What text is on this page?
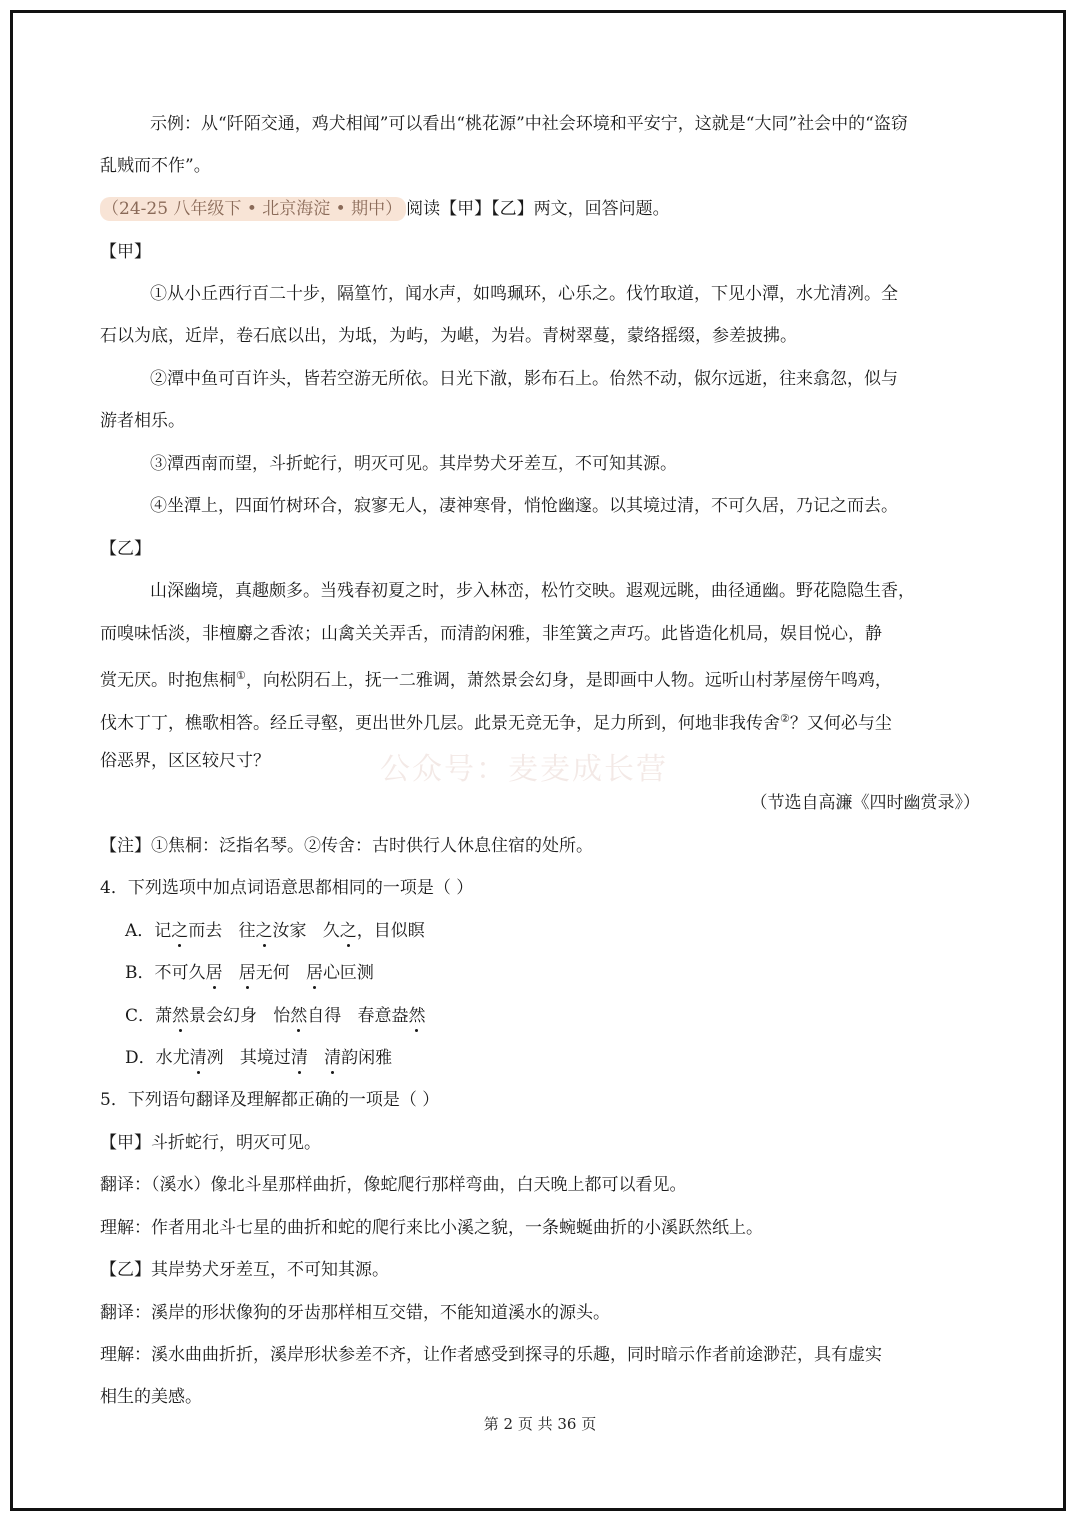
示例：从“阡陌交通，鸡犬相闻”可以看出“桃花源”中社会环境和平安宁，这就是“大同”社会中的“盗窃
乱贼而不作”。
（24-25 八年级下 • 北京海淀 • 期中） 阅读【甲】【乙】两文，回答问题。
【甲】
①从小丘西行百二十步，隔篁竹，闻水声，如鸣珮环，心乐之。伐竹取道，下见小潭，水尤清冽。全
石以为底，近岸，卷石底以出，为坻，为屿，为嵁，为岩。青树翠蔓，蒙络摇缀，参差披拂。
②潭中鱼可百许头，皆若空游无所依。日光下澈，影布石上。佁然不动，俶尔远逝，往来翕忽，似与
游者相乐。
③潭西南而望，斗折蛇行，明灭可见。其岸势犬牙差互，不可知其源。
④坐潭上，四面竹树环合，寂寥无人，凄神寒骨，悄怆幽邃。以其境过清，不可久居，乃记之而去。
【乙】
山深幽境，真趣颇多。当残春初夏之时，步入林峦，松竹交映。遐观远眺，曲径通幽。野花隐隐生香，
而嗅味恬淡，非檀麝之香浓；山禽关关弄舌，而清韵闲雅，非笙簧之声巧。此皆造化机局，娱目悦心，静
赏无厌。时抱焦桐①，向松阴石上，抚一二雅调，萧然景会幻身，是即画中人物。远听山村茅屋傍午鸣鸡，
伐木丁丁，樵歌相答。经丘寻壑，更出世外几层。此景无竞无争，足力所到，何地非我传舍②？又何必与尘
俗恶界，区区较尺寸？
（节选自高濂《四时幽赏录》）
【注】①焦桐：泛指名琴。②传舍：古时供行人休息住宿的处所。
4．下列选项中加点词语意思都相同的一项是（ ）
A．记之而去 往之汝家 久之，目似瞑
B．不可久居 居无何 居心叵测
C．萧然景会幻身 怡然自得 春意盎然
D．水尤清冽 其境过清 清韵闲雅
5．下列语句翻译及理解都正确的一项是（ ）
【甲】斗折蛇行，明灭可见。
翻译：（溪水）像北斗星那样曲折，像蛇爬行那样弯曲，白天晚上都可以看见。
理解：作者用北斗七星的曲折和蛇的爬行来比小溪之貌，一条蜿蜒曲折的小溪跃然纸上。
【乙】其岸势犬牙差互，不可知其源。
翻译：溪岸的形状像狗的牙齿那样相互交错，不能知道溪水的源头。
理解：溪水曲曲折折，溪岸形状参差不齐，让作者感受到探寻的乐趣，同时暗示作者前途渺茫，具有虚实
相生的美感。
公众号：麦麦成长营
第 2 页 共 36 页
